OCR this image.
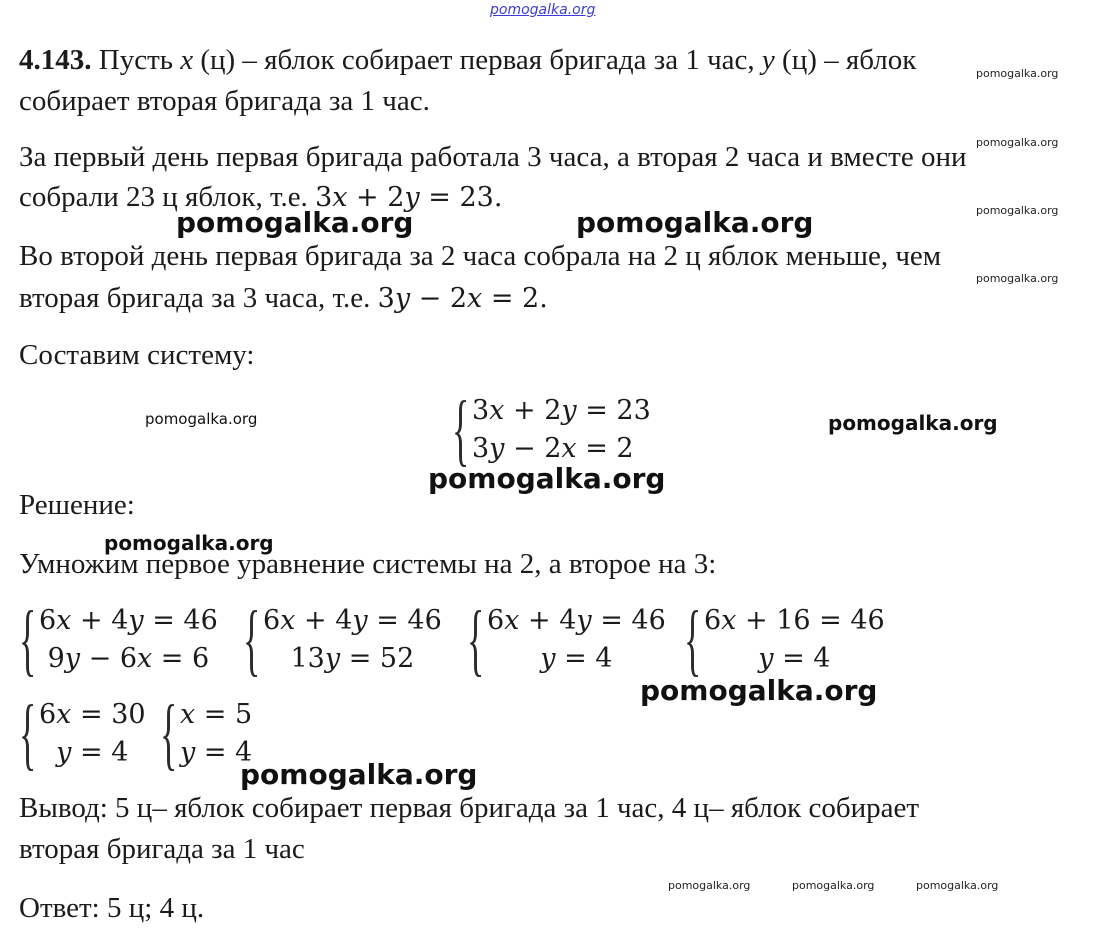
pomogalka.org
4.143. Пусть x (ц) – яблок собирает первая бригада за 1 час, y (ц) – яблок
собирает вторая бригада за 1 час.
За первый день первая бригада работала 3 часа, а вторая 2 часа и вместе они
собрали 23 ц яблок, т.е. 3𝑥 + 2𝑦 = 23.
Во второй день первая бригада за 2 часа собрала на 2 ц яблок меньше, чем
вторая бригада за 3 часа, т.е. 3𝑦 − 2𝑥 = 2.
Составим систему:
{ 3𝑥 + 2𝑦 = 23
3𝑦 − 2𝑥 = 2
Решение:
Умножим первое уравнение системы на 2, а второе на 3:
{ 6𝑥 + 4𝑦 = 46
9𝑦 − 6𝑥 = 6 { 6𝑥 + 4𝑦 = 46
13𝑦 = 52 { 6𝑥 + 4𝑦 = 46
𝑦 = 4 { 6𝑥 + 16 = 46
𝑦 = 4
{ 6𝑥 = 30
𝑦 = 4 { 𝑥 = 5
𝑦 = 4
Вывод: 5 ц– яблок собирает первая бригада за 1 час, 4 ц– яблок собирает
вторая бригада за 1 час
Ответ: 5 ц; 4 ц.
pomogalka.org	pomogalka.org
pomogalka.org
pomogalka.org
pomogalka.org
pomogalka.org	pomogalka.org
pomogalka.org
pomogalka.org
pomogalka.org
pomogalka.org
pomogalka.org
pomogalka.org	pomogalka.org	pomogalka.org
